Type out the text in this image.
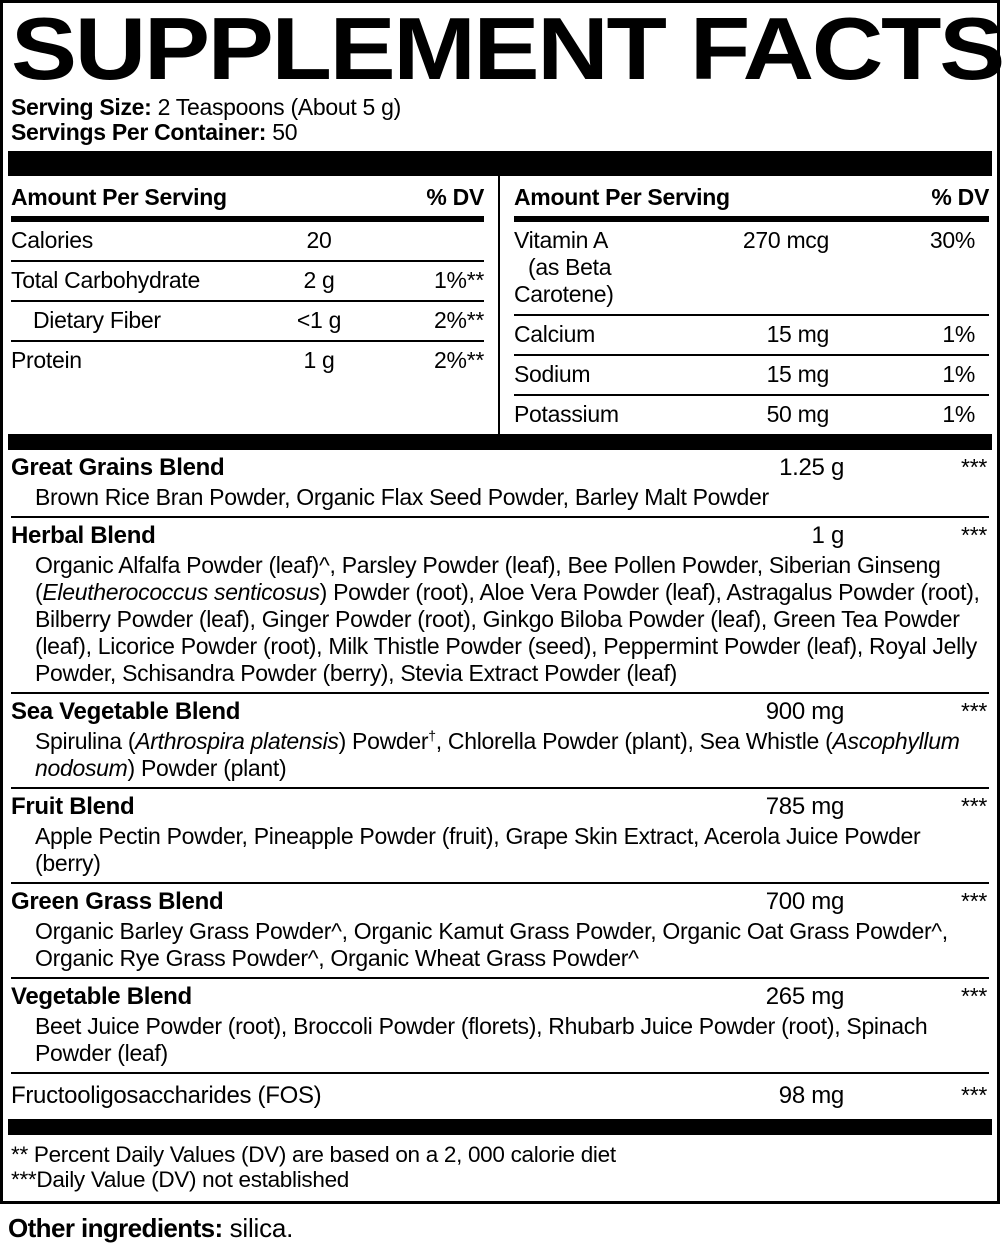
SUPPLEMENT FACTS

Serving Size: 2 Teaspoons (About 5 g)

Servings Per Container: 50

Amount Per Serving	% DV
Calories	20
Total Carbohydrate	2 g	1%**
Dietary Fiber	<1 g	2%**
Protein	1 g	2%**
Amount Per Serving	% DV
Vitamin A
(as Beta Carotene)
270 mcg	30%
Calcium	15 mg	1%
Sodium	15 mg	1%
Potassium	50 mg	1%
Great Grains Blend	1.25 g	***
Brown Rice Bran Powder, Organic Flax Seed Powder, Barley Malt Powder
Herbal Blend	1 g	***
Organic Alfalfa Powder (leaf)^, Parsley Powder (leaf), Bee Pollen Powder, Siberian Ginseng (Eleutherococcus senticosus) Powder (root), Aloe Vera Powder (leaf), Astragalus Powder (root), Bilberry Powder (leaf), Ginger Powder (root), Ginkgo Biloba Powder (leaf), Green Tea Powder (leaf), Licorice Powder (root), Milk Thistle Powder (seed), Peppermint Powder (leaf), Royal Jelly Powder, Schisandra Powder (berry), Stevia Extract Powder (leaf)
Sea Vegetable Blend	900 mg	***
Spirulina (Arthrospira platensis) Powder†, Chlorella Powder (plant), Sea Whistle (Ascophyllum nodosum) Powder (plant)
Fruit Blend	785 mg	***
Apple Pectin Powder, Pineapple Powder (fruit), Grape Skin Extract, Acerola Juice Powder (berry)
Green Grass Blend	700 mg	***
Organic Barley Grass Powder^, Organic Kamut Grass Powder, Organic Oat Grass Powder^, Organic Rye Grass Powder^, Organic Wheat Grass Powder^
Vegetable Blend	265 mg	***
Beet Juice Powder (root), Broccoli Powder (florets), Rhubarb Juice Powder (root), Spinach Powder (leaf)
Fructooligosaccharides (FOS)	98 mg	***

** Percent Daily Values (DV) are based on a 2, 000 calorie diet

***Daily Value (DV) not established

Other ingredients: silica.
